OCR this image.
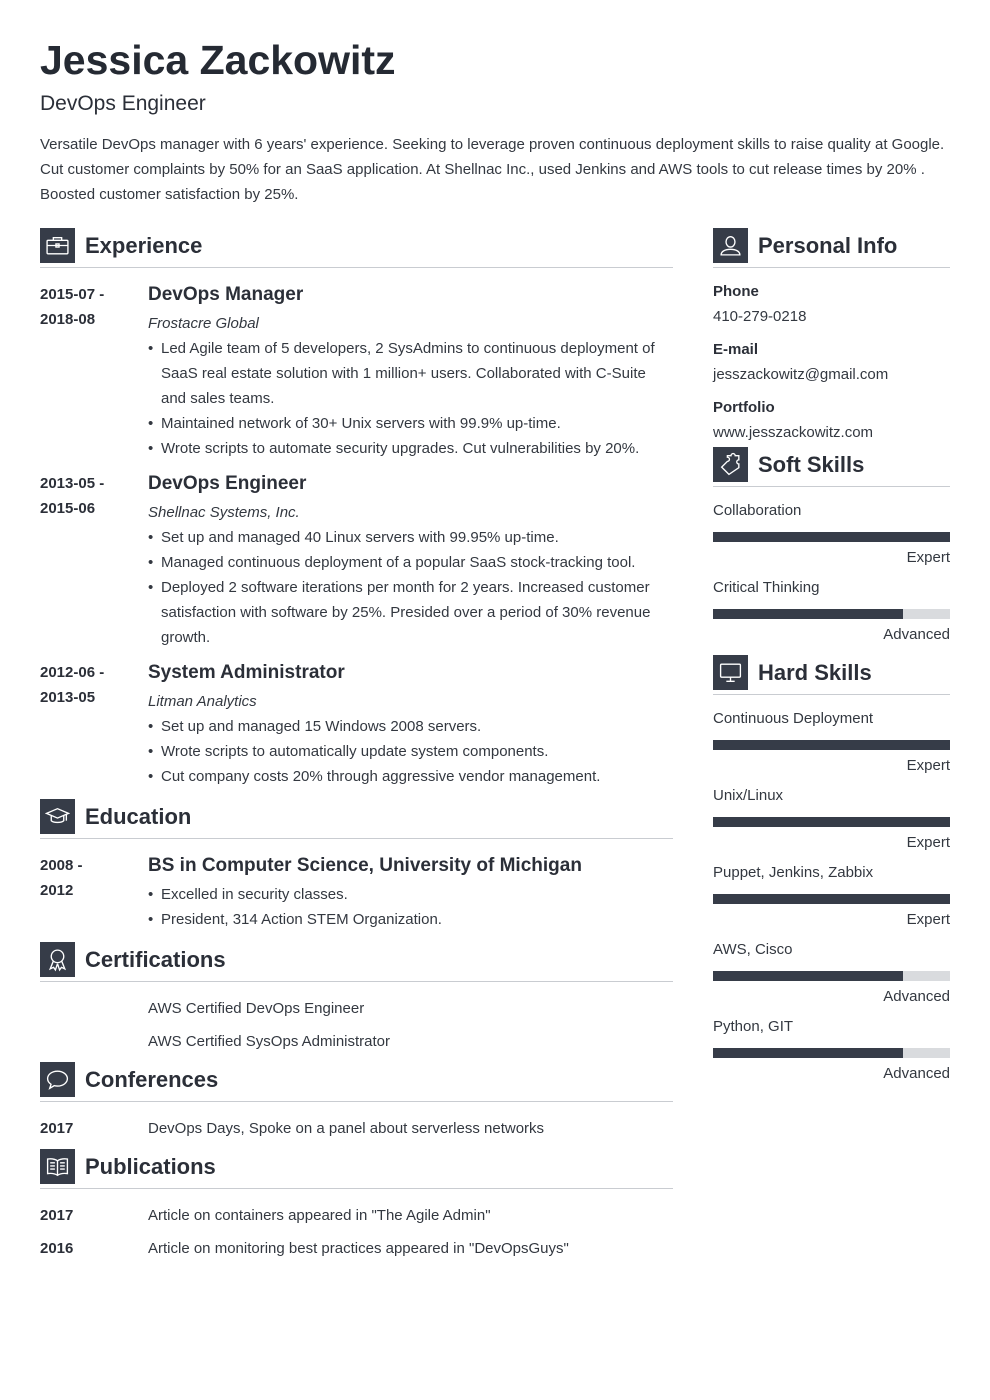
Jessica Zackowitz
DevOps Engineer
Versatile DevOps manager with 6 years' experience. Seeking to leverage proven continuous deployment skills to raise quality at Google. Cut customer complaints by 50% for an SaaS application. At Shellnac Inc., used Jenkins and AWS tools to cut release times by 20% . Boosted customer satisfaction by 25%.
Experience
2015-07 -
2018-08
DevOps Manager
Frostacre Global
• Led Agile team of 5 developers, 2 SysAdmins to continuous deployment of SaaS real estate solution with 1 million+ users. Collaborated with C-Suite and sales teams.
• Maintained network of 30+ Unix servers with 99.9% up-time.
• Wrote scripts to automate security upgrades. Cut vulnerabilities by 20%.
2013-05 -
2015-06
DevOps Engineer
Shellnac Systems, Inc.
• Set up and managed 40 Linux servers with 99.95% up-time.
• Managed continuous deployment of a popular SaaS stock-tracking tool.
• Deployed 2 software iterations per month for 2 years. Increased customer satisfaction with software by 25%. Presided over a period of 30% revenue growth.
2012-06 -
2013-05
System Administrator
Litman Analytics
• Set up and managed 15 Windows 2008 servers.
• Wrote scripts to automatically update system components.
• Cut company costs 20% through aggressive vendor management.
Education
2008 -
2012
BS in Computer Science, University of Michigan
• Excelled in security classes.
• President, 314 Action STEM Organization.
Certifications
AWS Certified DevOps Engineer
AWS Certified SysOps Administrator
Conferences
2017	DevOps Days, Spoke on a panel about serverless networks
Publications
2017	Article on containers appeared in "The Agile Admin"
2016	Article on monitoring best practices appeared in "DevOpsGuys"
Personal Info
Phone
410-279-0218
E-mail
jesszackowitz@gmail.com
Portfolio
www.jesszackowitz.com
Soft Skills
Collaboration
Expert
Critical Thinking
Advanced
Hard Skills
Continuous Deployment
Expert
Unix/Linux
Expert
Puppet, Jenkins, Zabbix
Expert
AWS, Cisco
Advanced
Python, GIT
Advanced
